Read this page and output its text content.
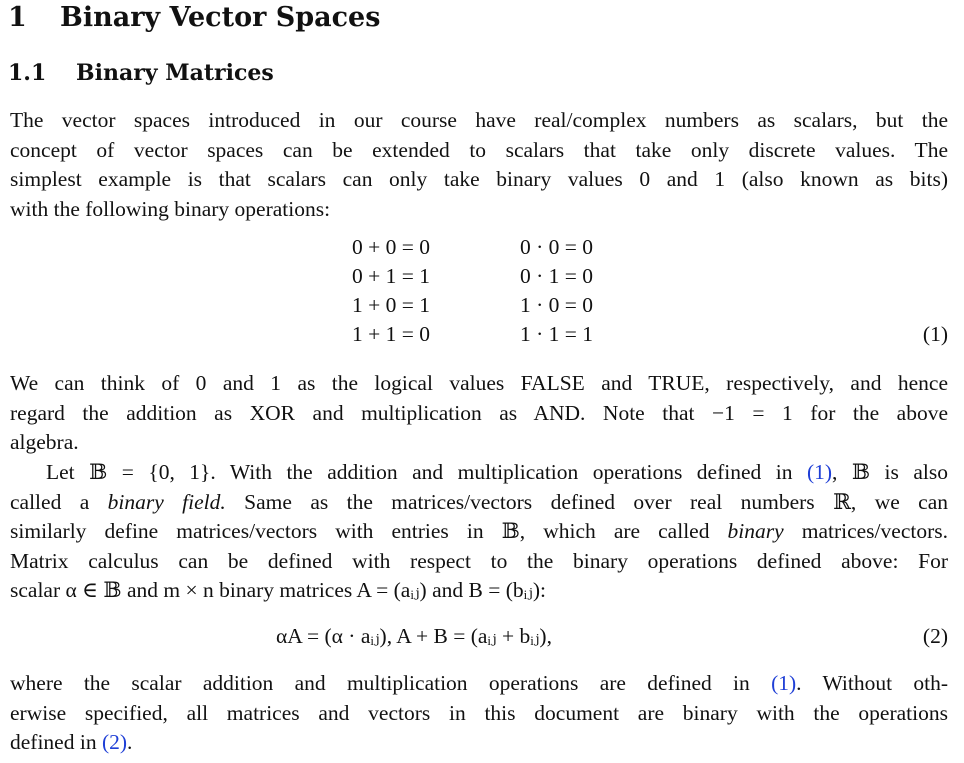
1 Binary Vector Spaces
1.1 Binary Matrices
The vector spaces introduced in our course have real/complex numbers as scalars, but the
concept of vector spaces can be extended to scalars that take only discrete values. The
simplest example is that scalars can only take binary values 0 and 1 (also known as bits)
with the following binary operations:
0 + 0 = 0
0 + 1 = 1
1 + 0 = 1
1 + 1 = 0
0 · 0 = 0
0 · 1 = 0
1 · 0 = 0
1 · 1 = 1	(1)
We can think of 0 and 1 as the logical values FALSE and TRUE, respectively, and hence
regard the addition as XOR and multiplication as AND. Note that −1 = 1 for the above
algebra.
Let 𝔹 = {0, 1}. With the addition and multiplication operations defined in (1), 𝔹 is also
called a binary field. Same as the matrices/vectors defined over real numbers ℝ, we can
similarly define matrices/vectors with entries in 𝔹, which are called binary matrices/vectors.
Matrix calculus can be defined with respect to the binary operations defined above: For
scalar α ∈ 𝔹 and m × n binary matrices A = (aᵢⱼ) and B = (bᵢⱼ):
αA = (α · aᵢⱼ), A + B = (aᵢⱼ + bᵢⱼ),	(2)
where the scalar addition and multiplication operations are defined in (1). Without oth-
erwise specified, all matrices and vectors in this document are binary with the operations
defined in (2).
